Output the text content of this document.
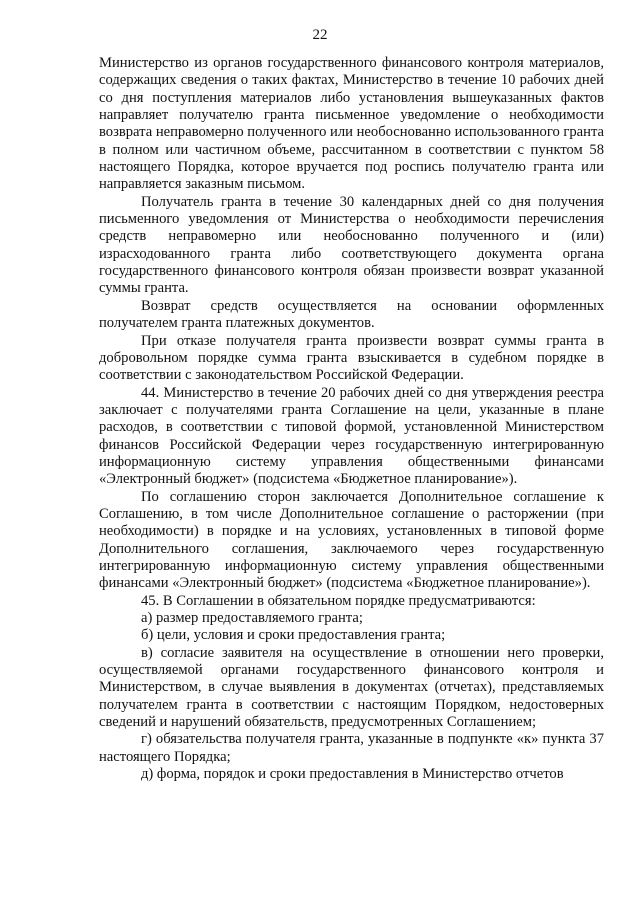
22

Министерство из органов государственного финансового контроля материалов, содержащих сведения о таких фактах, Министерство в течение 10 рабочих дней со дня поступления материалов либо установления вышеуказанных фактов направляет получателю гранта письменное уведомление о необходимости возврата неправомерно полученного или необоснованно использованного гранта в полном или частичном объеме, рассчитанном в соответствии с пунктом 58 настоящего Порядка, которое вручается под роспись получателю гранта или направляется заказным письмом.

Получатель гранта в течение 30 календарных дней со дня получения письменного уведомления от Министерства о необходимости перечисления средств неправомерно или необоснованно полученного и (или) израсходованного гранта либо соответствующего документа органа государственного финансового контроля обязан произвести возврат указанной суммы гранта.

Возврат средств осуществляется на основании оформленных получателем гранта платежных документов.

При отказе получателя гранта произвести возврат суммы гранта в добровольном порядке сумма гранта взыскивается в судебном порядке в соответствии с законодательством Российской Федерации.

44. Министерство в течение 20 рабочих дней со дня утверждения реестра заключает с получателями гранта Соглашение на цели, указанные в плане расходов, в соответствии с типовой формой, установленной Министерством финансов Российской Федерации через государственную интегрированную информационную систему управления общественными финансами «Электронный бюджет» (подсистема «Бюджетное планирование»).

По соглашению сторон заключается Дополнительное соглашение к Соглашению, в том числе Дополнительное соглашение о расторжении (при необходимости) в порядке и на условиях, установленных в типовой форме Дополнительного соглашения, заключаемого через государственную интегрированную информационную систему управления общественными финансами «Электронный бюджет» (подсистема «Бюджетное планирование»).

45. В Соглашении в обязательном порядке предусматриваются:

а) размер предоставляемого гранта;

б) цели, условия и сроки предоставления гранта;

в) согласие заявителя на осуществление в отношении него проверки, осуществляемой органами государственного финансового контроля и Министерством, в случае выявления в документах (отчетах), представляемых получателем гранта в соответствии с настоящим Порядком, недостоверных сведений и нарушений обязательств, предусмотренных Соглашением;

г) обязательства получателя гранта, указанные в подпункте «к» пункта 37 настоящего Порядка;

д) форма, порядок и сроки предоставления в Министерство отчетов
